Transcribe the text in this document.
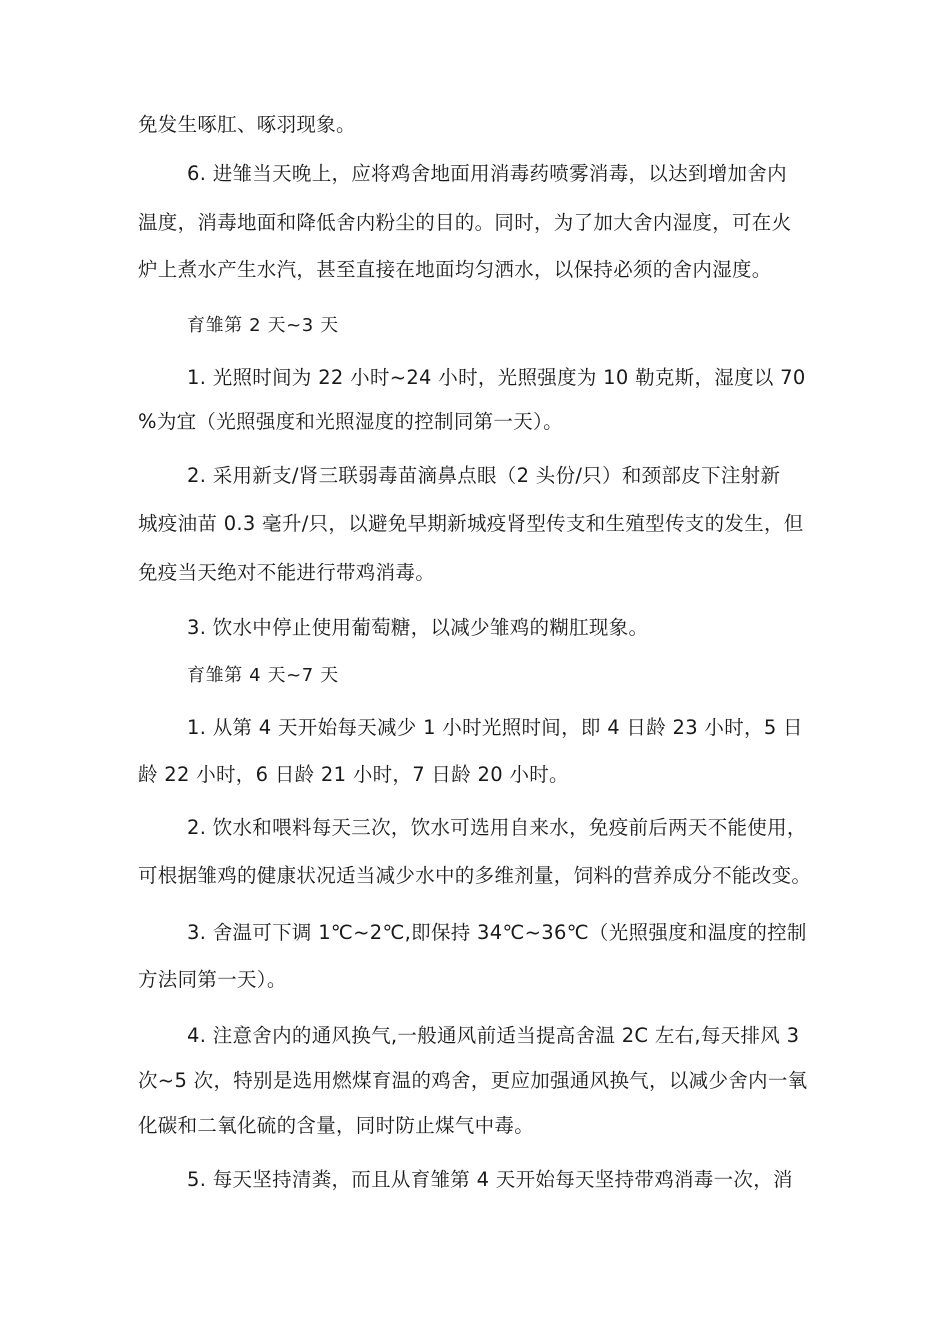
免发生啄肛、啄羽现象。
6. 进雏当天晚上，应将鸡舍地面用消毒药喷雾消毒，以达到增加舍内
温度，消毒地面和降低舍内粉尘的目的。同时，为了加大舍内湿度，可在火
炉上煮水产生水汽，甚至直接在地面均匀洒水，以保持必须的舍内湿度。
育雏第 2 天~3 天
1. 光照时间为 22 小时~24 小时，光照强度为 10 勒克斯，湿度以 70
%为宜（光照强度和光照湿度的控制同第一天）。
2. 采用新支/肾三联弱毒苗滴鼻点眼（2 头份/只）和颈部皮下注射新
城疫油苗 0.3 毫升/只，以避免早期新城疫肾型传支和生殖型传支的发生，但
免疫当天绝对不能进行带鸡消毒。
3. 饮水中停止使用葡萄糖，以减少雏鸡的糊肛现象。
育雏第 4 天~7 天
1. 从第 4 天开始每天减少 1 小时光照时间，即 4 日龄 23 小时，5 日
龄 22 小时，6 日龄 21 小时，7 日龄 20 小时。
2. 饮水和喂料每天三次，饮水可选用自来水，免疫前后两天不能使用，
可根据雏鸡的健康状况适当减少水中的多维剂量，饲料的营养成分不能改变。
3. 舍温可下调 1℃~2℃,即保持 34℃~36℃（光照强度和温度的控制
方法同第一天）。
4. 注意舍内的通风换气,一般通风前适当提高舍温 2C 左右,每天排风 3
次~5 次，特别是选用燃煤育温的鸡舍，更应加强通风换气，以减少舍内一氧
化碳和二氧化硫的含量，同时防止煤气中毒。
5. 每天坚持清粪，而且从育雏第 4 天开始每天坚持带鸡消毒一次，消
